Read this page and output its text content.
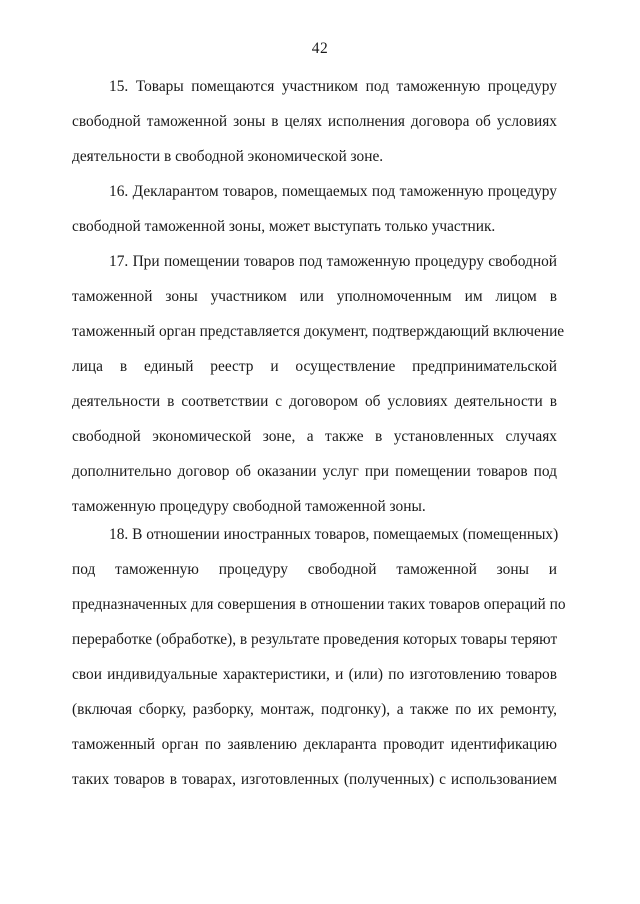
42
15. Товары помещаются участником под таможенную процедуру
свободной таможенной зоны в целях исполнения договора об условиях
деятельности в свободной экономической зоне.
16. Декларантом товаров, помещаемых под таможенную процедуру
свободной таможенной зоны, может выступать только участник.
17. При помещении товаров под таможенную процедуру свободной
таможенной зоны участником или уполномоченным им лицом в
таможенный орган представляется документ, подтверждающий включение
лица в единый реестр и осуществление предпринимательской
деятельности в соответствии с договором об условиях деятельности в
свободной экономической зоне, а также в установленных случаях
дополнительно договор об оказании услуг при помещении товаров под
таможенную процедуру свободной таможенной зоны.
18. В отношении иностранных товаров, помещаемых (помещенных)
под таможенную процедуру свободной таможенной зоны и
предназначенных для совершения в отношении таких товаров операций по
переработке (обработке), в результате проведения которых товары теряют
свои индивидуальные характеристики, и (или) по изготовлению товаров
(включая сборку, разборку, монтаж, подгонку), а также по их ремонту,
таможенный орган по заявлению декларанта проводит идентификацию
таких товаров в товарах, изготовленных (полученных) с использованием
